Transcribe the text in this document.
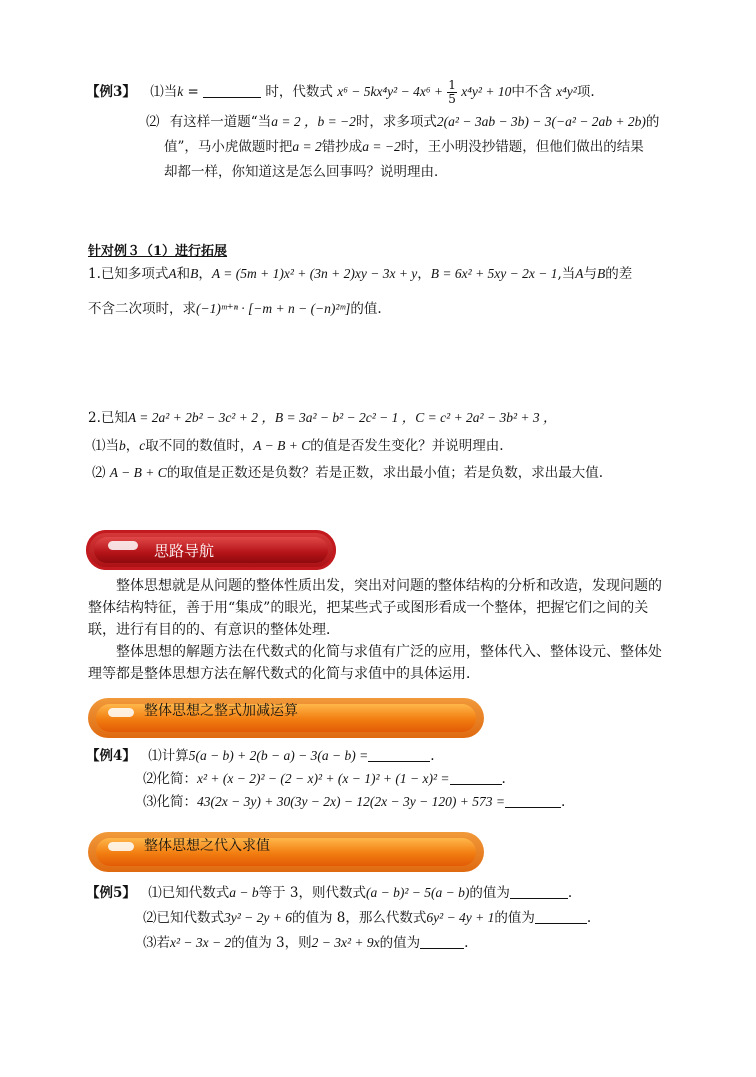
【例3】 ⑴当k =	时，代数式 $x^6 - 5kx^4y^2 - 4x^6 + \frac{1}{5} x^4y^2 + 10$中不含 x⁴y²项.
⑵ 有这样一道题“当a = 2 ，b = −2时，求多项式2(a² − 3ab − 3b) − 3(−a² − 2ab + 2b)的
值”，马小虎做题时把a = 2错抄成a = −2时，王小明没抄错题，但他们做出的结果
却都一样，你知道这是怎么回事吗？说明理由．
针对例３（1）进行拓展
1.已知多项式A和B，A = (5m + 1)x² + (3n + 2)xy − 3x + y，B = 6x² + 5xy − 2x − 1,当A与B的差
不含二次项时，求(−1)ᵐ⁺ⁿ · [−m + n − (−n)²ᵐ]的值.
2.已知A = 2a² + 2b² − 3c² + 2 ，B = 3a² − b² − 2c² − 1 ，C = c² + 2a² − 3b² + 3 ，
⑴当b，c取不同的数值时，A − B + C的值是否发生变化？并说明理由.
⑵ A − B + C的取值是正数还是负数？若是正数，求出最小值；若是负数，求出最大值.
思路导航

整体思想就是从问题的整体性质出发，突出对问题的整体结构的分析和改造，发现问题的整体结构特征，善于用“集成”的眼光，把某些式子或图形看成一个整体，把握它们之间的关联，进行有目的的、有意识的整体处理．

整体思想的解题方法在代数式的化简与求值有广泛的应用，整体代入、整体设元、整体处理等都是整体思想方法在解代数式的化简与求值中的具体运用．

整体思想之整式加减运算
【例4】 ⑴计算5(a − b) + 2(b − a) − 3(a − b) =	.
⑵化简：x² + (x − 2)² − (2 − x)² + (x − 1)² + (1 − x)² =	.
⑶化简：43(2x − 3y) + 30(3y − 2x) − 12(2x − 3y − 120) + 573 =	.
整体思想之代入求值
【例5】 ⑴已知代数式a − b等于 3，则代数式(a − b)² − 5(a − b)的值为	.
⑵已知代数式3y² − 2y + 6的值为 8，那么代数式6y² − 4y + 1的值为	.
⑶若x² − 3x − 2的值为 3，则2 − 3x² + 9x的值为	.
